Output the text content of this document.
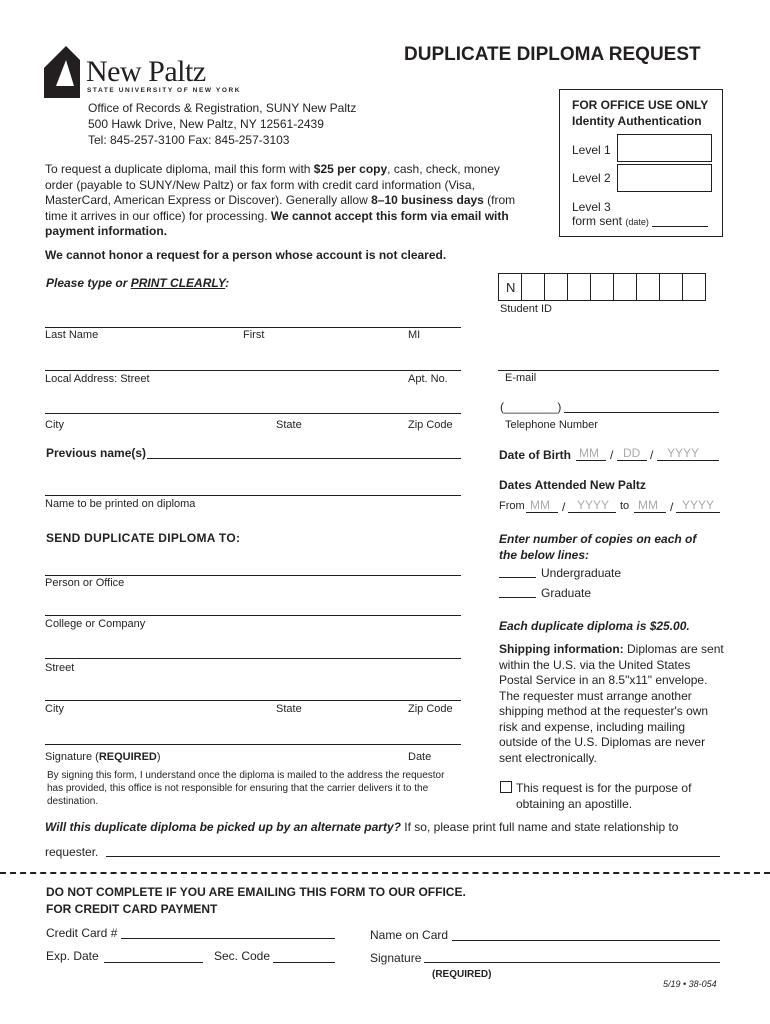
New Paltz
STATE UNIVERSITY OF NEW YORK
DUPLICATE DIPLOMA REQUEST
Office of Records & Registration, SUNY New Paltz
500 Hawk Drive, New Paltz, NY 12561-2439
Tel: 845-257-3100 Fax: 845-257-3103
FOR OFFICE USE ONLY
Identity Authentication
Level 1
Level 2
Level 3
form sent (date)

To request a duplicate diploma, mail this form with $25 per copy, cash, check, money order (payable to SUNY/New Paltz) or fax form with credit card information (Visa, MasterCard, American Express or Discover). Generally allow 8–10 business days (from time it arrives in our office) for processing. We cannot accept this form via email with payment information.

We cannot honor a request for a person whose account is not cleared.
Please type or PRINT CLEARLY:
Last Name	First	MI
Local Address: Street	Apt. No.
City	State	Zip Code
Previous name(s)
Name to be printed on diploma
SEND DUPLICATE DIPLOMA TO:
Person or Office
College or Company
Street
City	State	Zip Code
Signature (REQUIRED)	Date

By signing this form, I understand once the diploma is mailed to the address the requestor has provided, this office is not responsible for ensuring that the carrier delivers it to the destination.

N
Student ID
E-mail
(________)
Telephone Number
Date of Birth MM / DD / YYYY
Dates Attended New Paltz
From MM / YYYY to MM / YYYY

Enter number of copies on each of the below lines:

Undergraduate
Graduate
Each duplicate diploma is $25.00.

Shipping information: Diplomas are sent within the U.S. via the United States Postal Service in an 8.5"x11" envelope. The requester must arrange another shipping method at the requester's own risk and expense, including mailing outside of the U.S. Diplomas are never sent electronically.

This request is for the purpose of obtaining an apostille.

Will this duplicate diploma be picked up by an alternate party? If so, please print full name and state relationship to
requester.
DO NOT COMPLETE IF YOU ARE EMAILING THIS FORM TO OUR OFFICE.
FOR CREDIT CARD PAYMENT
Credit Card #	Name on Card
Exp. Date	Sec. Code	Signature
(REQUIRED)
5/19 • 38-054
